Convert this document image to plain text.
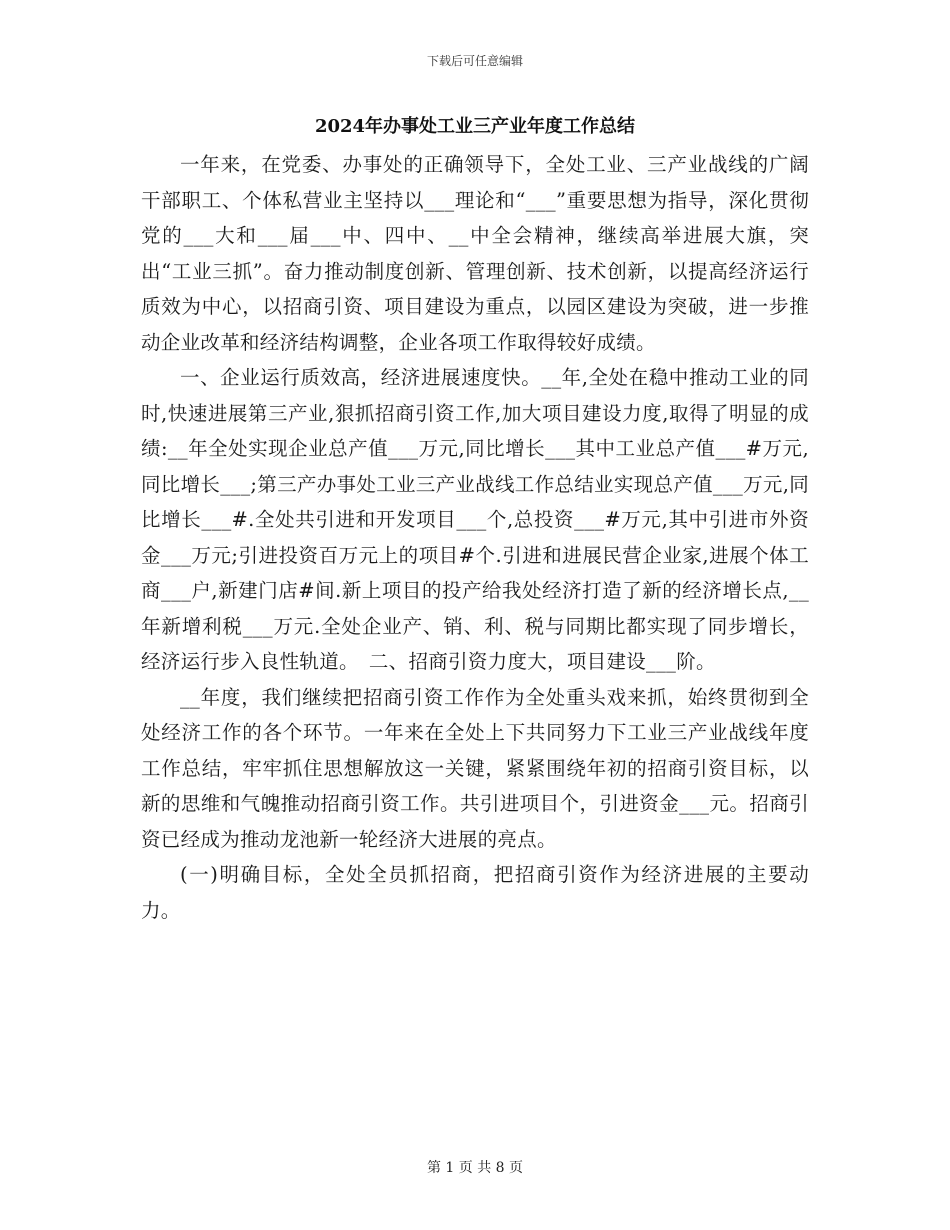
下载后可任意编辑
2024年办事处工业三产业年度工作总结

一年来，在党委、办事处的正确领导下，全处工业、三产业战线的广阔干部职工、个体私营业主坚持以___理论和“___”重要思想为指导，深化贯彻党的___大和___届___中、四中、__中全会精神，继续高举进展大旗，突出“工业三抓”。奋力推动制度创新、管理创新、技术创新，以提高经济运行质效为中心，以招商引资、项目建设为重点，以园区建设为突破，进一步推动企业改革和经济结构调整，企业各项工作取得较好成绩。

一、企业运行质效高，经济进展速度快。__年,全处在稳中推动工业的同时,快速进展第三产业,狠抓招商引资工作,加大项目建设力度,取得了明显的成绩:__年全处实现企业总产值___万元,同比增长___其中工业总产值___#万元,同比增长___;第三产办事处工业三产业战线工作总结业实现总产值___万元,同比增长___#.全处共引进和开发项目___个,总投资___#万元,其中引进市外资金___万元;引进投资百万元上的项目#个.引进和进展民营企业家,进展个体工商___户,新建门店#间.新上项目的投产给我处经济打造了新的经济增长点,__年新增利税___万元.全处企业产、销、利、税与同期比都实现了同步增长，经济运行步入良性轨道。　二、招商引资力度大，项目建设___阶。

__年度，我们继续把招商引资工作作为全处重头戏来抓，始终贯彻到全处经济工作的各个环节。一年来在全处上下共同努力下工业三产业战线年度工作总结，牢牢抓住思想解放这一关键，紧紧围绕年初的招商引资目标，以新的思维和气魄推动招商引资工作。共引进项目个，引进资金___元。招商引资已经成为推动龙池新一轮经济大进展的亮点。

(一)明确目标，全处全员抓招商，把招商引资作为经济进展的主要动力。

第 1 页 共 8 页
